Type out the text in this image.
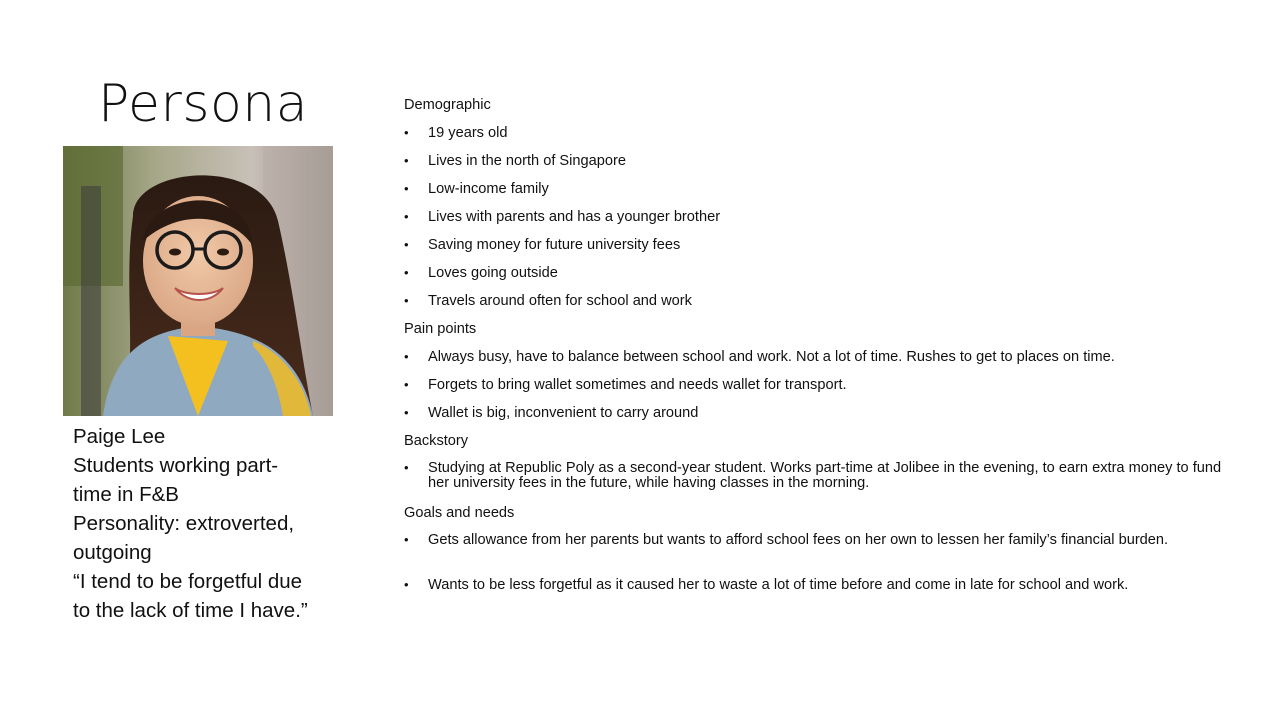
Persona
Paige Lee
Students working part-
time in F&B
Personality: extroverted,
outgoing
“I tend to be forgetful due
to the lack of time I have.”
Demographic
• 19 years old
• Lives in the north of Singapore
• Low-income family
• Lives with parents and has a younger brother
• Saving money for future university fees
• Loves going outside
• Travels around often for school and work
Pain points
• Always busy, have to balance between school and work. Not a lot of time. Rushes to get to places on time.
• Forgets to bring wallet sometimes and needs wallet for transport.
• Wallet is big, inconvenient to carry around
Backstory
• Studying at Republic Poly as a second-year student. Works part-time at Jolibee in the evening, to earn extra money to fund her university fees in the future, while having classes in the morning.
Goals and needs
• Gets allowance from her parents but wants to afford school fees on her own to lessen her family’s financial burden.
• Wants to be less forgetful as it caused her to waste a lot of time before and come in late for school and work.
